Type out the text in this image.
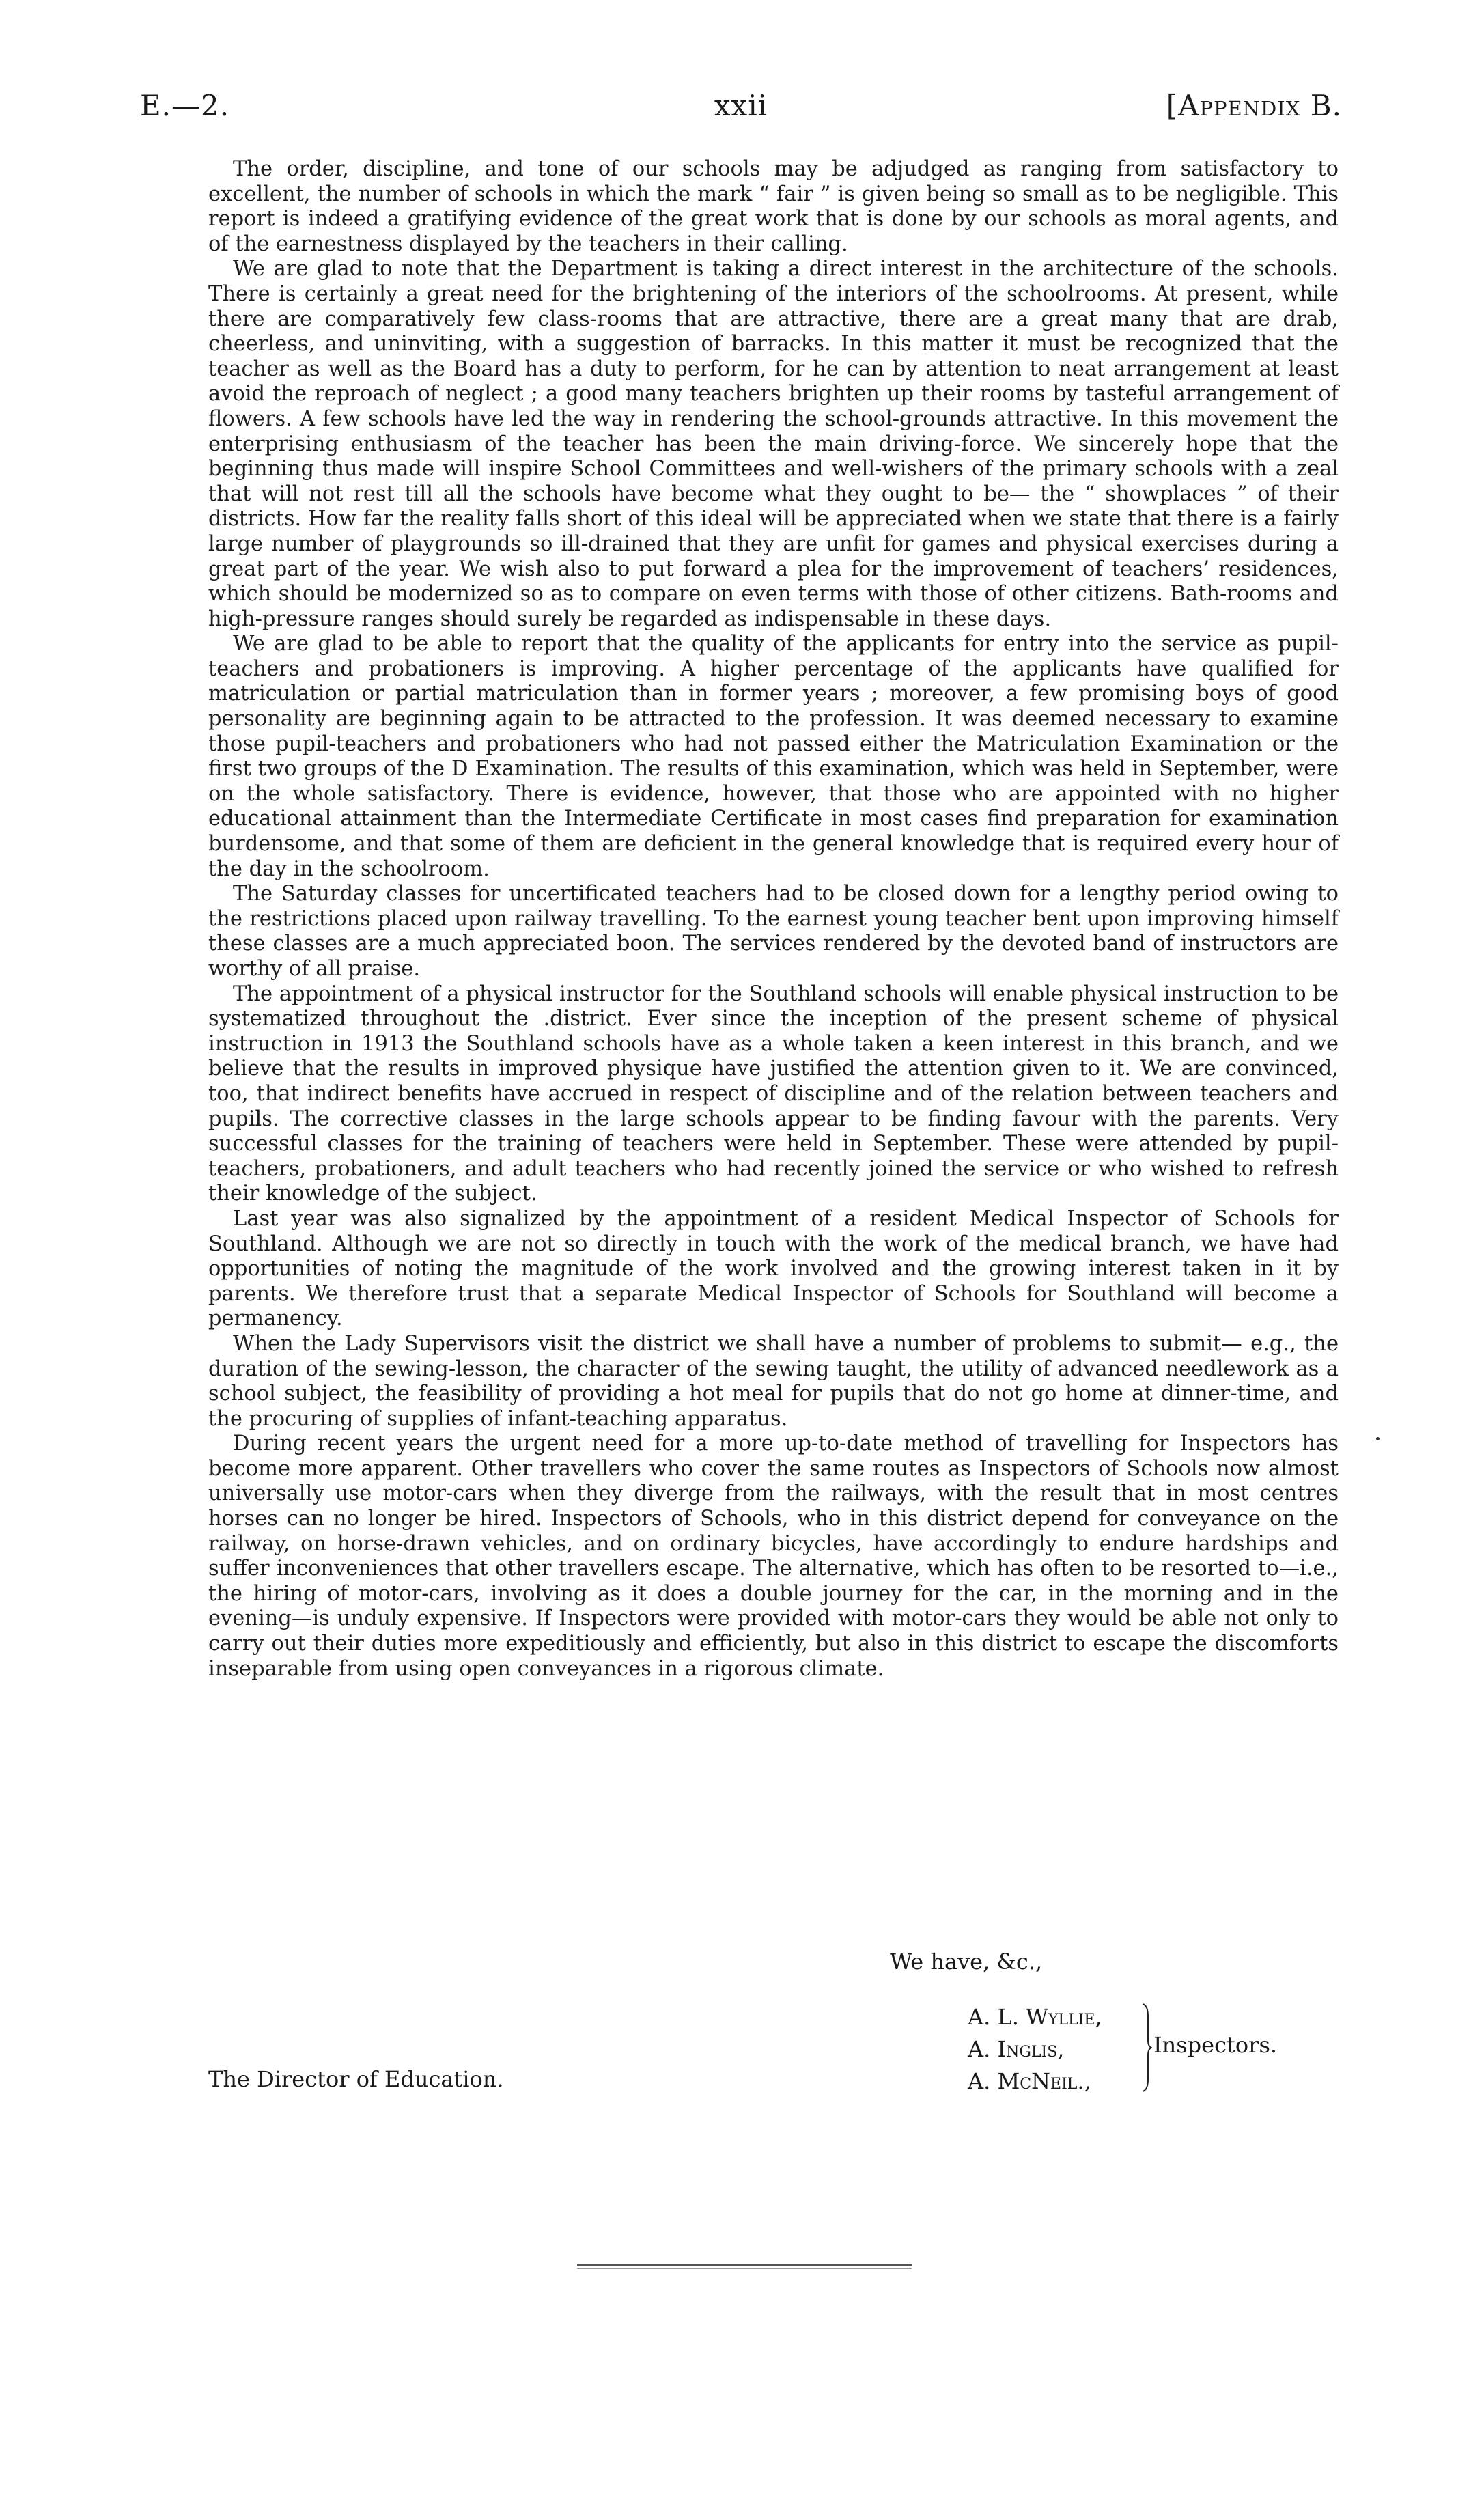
E.—2.	xxii	[Appendix B.

The order, discipline, and tone of our schools may be adjudged as ranging from satisfactory to excellent, the number of schools in which the mark “ fair ” is given being so small as to be negligible. This report is indeed a gratifying evidence of the great work that is done by our schools as moral agents, and of the earnestness displayed by the teachers in their calling.

We are glad to note that the Department is taking a direct interest in the architecture of the schools. There is certainly a great need for the brightening of the interiors of the schoolrooms. At present, while there are comparatively few class-rooms that are attractive, there are a great many that are drab, cheerless, and uninviting, with a suggestion of barracks. In this matter it must be recognized that the teacher as well as the Board has a duty to perform, for he can by attention to neat arrangement at least avoid the reproach of neglect ; a good many teachers brighten up their rooms by tasteful arrangement of flowers. A few schools have led the way in rendering the school-grounds attractive. In this movement the enterprising enthusiasm of the teacher has been the main driving-force. We sincerely hope that the beginning thus made will inspire School Committees and well-wishers of the primary schools with a zeal that will not rest till all the schools have become what they ought to be— the “ showplaces ” of their districts. How far the reality falls short of this ideal will be appreciated when we state that there is a fairly large number of playgrounds so ill-drained that they are unfit for games and physical exercises during a great part of the year. We wish also to put forward a plea for the improvement of teachers’ residences, which should be modernized so as to compare on even terms with those of other citizens. Bath-rooms and high-pressure ranges should surely be regarded as indispensable in these days.

We are glad to be able to report that the quality of the applicants for entry into the service as pupil-teachers and probationers is improving. A higher percentage of the applicants have qualified for matriculation or partial matriculation than in former years ; moreover, a few promising boys of good personality are beginning again to be attracted to the profession. It was deemed necessary to examine those pupil-teachers and probationers who had not passed either the Matriculation Examination or the first two groups of the D Examination. The results of this examination, which was held in September, were on the whole satisfactory. There is evidence, however, that those who are appointed with no higher educational attainment than the Intermediate Certificate in most cases find preparation for examination burdensome, and that some of them are deficient in the general knowledge that is required every hour of the day in the schoolroom.

The Saturday classes for uncertificated teachers had to be closed down for a lengthy period owing to the restrictions placed upon railway travelling. To the earnest young teacher bent upon improving himself these classes are a much appreciated boon. The services rendered by the devoted band of instructors are worthy of all praise.

The appointment of a physical instructor for the Southland schools will enable physical instruction to be systematized throughout the .district. Ever since the inception of the present scheme of physical instruction in 1913 the Southland schools have as a whole taken a keen interest in this branch, and we believe that the results in improved physique have justified the attention given to it. We are convinced, too, that indirect benefits have accrued in respect of discipline and of the relation between teachers and pupils. The corrective classes in the large schools appear to be finding favour with the parents. Very successful classes for the training of teachers were held in September. These were attended by pupil-teachers, probationers, and adult teachers who had recently joined the service or who wished to refresh their knowledge of the subject.

Last year was also signalized by the appointment of a resident Medical Inspector of Schools for Southland. Although we are not so directly in touch with the work of the medical branch, we have had opportunities of noting the magnitude of the work involved and the growing interest taken in it by parents. We therefore trust that a separate Medical Inspector of Schools for Southland will become a permanency.

When the Lady Supervisors visit the district we shall have a number of problems to submit— e.g., the duration of the sewing-lesson, the character of the sewing taught, the utility of advanced needlework as a school subject, the feasibility of providing a hot meal for pupils that do not go home at dinner-time, and the procuring of supplies of infant-teaching apparatus.

During recent years the urgent need for a more up-to-date method of travelling for Inspectors has become more apparent. Other travellers who cover the same routes as Inspectors of Schools now almost universally use motor-cars when they diverge from the railways, with the result that in most centres horses can no longer be hired. Inspectors of Schools, who in this district depend for conveyance on the railway, on horse-drawn vehicles, and on ordinary bicycles, have accordingly to endure hardships and suffer inconveniences that other travellers escape. The alternative, which has often to be resorted to—i.e., the hiring of motor-cars, involving as it does a double journey for the car, in the morning and in the evening—is unduly expensive. If Inspectors were provided with motor-cars they would be able not only to carry out their duties more expeditiously and efficiently, but also in this district to escape the discomforts inseparable from using open conveyances in a rigorous climate.

We have, &c.,
A. L. Wyllie,
A. Inglis,
A. McNeil.,
Inspectors.
The Director of Education.
